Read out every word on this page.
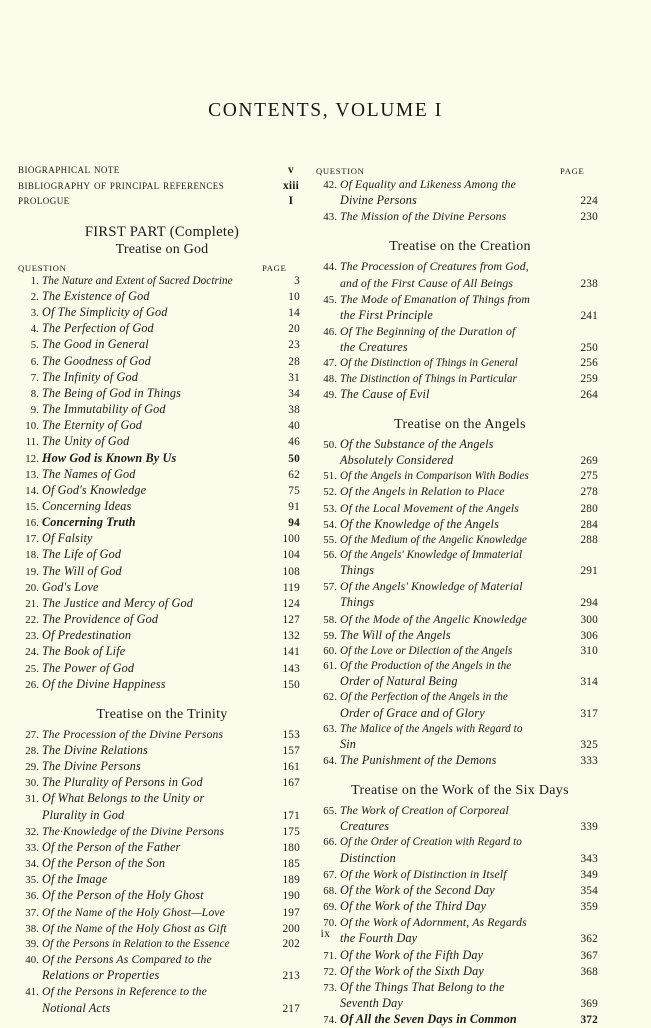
CONTENTS, VOLUME I
biographical note	v
bibliography of principal references	xiii
prologue	I
FIRST PART (Complete)
Treatise on God
QUESTION	PAGE
1. The Nature and Extent of Sacred Doctrine	3
2. The Existence of God	10
3. Of The Simplicity of God	14
4. The Perfection of God	20
5. The Good in General	23
6. The Goodness of God	28
7. The Infinity of God	31
8. The Being of God in Things	34
9. The Immutability of God	38
10. The Eternity of God	40
11. The Unity of God	46
12. How God is Known By Us	50
13. The Names of God	62
14. Of God's Knowledge	75
15. Concerning Ideas	91
16. Concerning Truth	94
17. Of Falsity	100
18. The Life of God	104
19. The Will of God	108
20. God's Love	119
21. The Justice and Mercy of God	124
22. The Providence of God	127
23. Of Predestination	132
24. The Book of Life	141
25. The Power of God	143
26. Of the Divine Happiness	150
Treatise on the Trinity
27. The Procession of the Divine Persons	153
28. The Divine Relations	157
29. The Divine Persons	161
30. The Plurality of Persons in God	167
31. Of What Belongs to the Unity or
Plurality in God	171
32. The·Knowledge of the Divine Persons	175
33. Of the Person of the Father	180
34. Of the Person of the Son	185
35. Of the Image	189
36. Of the Person of the Holy Ghost	190
37. Of the Name of the Holy Ghost—Love	197
38. Of the Name of the Holy Ghost as Gift	200
39. Of the Persons in Relation to the Essence	202
40. Of the Persons As Compared to the
Relations or Properties	213
41. Of the Persons in Reference to the
Notional Acts	217
QUESTION	PAGE
42. Of Equality and Likeness Among the
Divine Persons	224
43. The Mission of the Divine Persons	230
Treatise on the Creation
44. The Procession of Creatures from God,
and of the First Cause of All Beings	238
45. The Mode of Emanation of Things from
the First Principle	241
46. Of The Beginning of the Duration of
the Creatures	250
47. Of the Distinction of Things in General	256
48. The Distinction of Things in Particular	259
49. The Cause of Evil	264
Treatise on the Angels
50. Of the Substance of the Angels
Absolutely Considered	269
51. Of the Angels in Comparison With Bodies	275
52. Of the Angels in Relation to Place	278
53. Of the Local Movement of the Angels	280
54. Of the Knowledge of the Angels	284
55. Of the Medium of the Angelic Knowledge	288
56. Of the Angels' Knowledge of Immaterial
Things	291
57. Of the Angels' Knowledge of Material
Things	294
58. Of the Mode of the Angelic Knowledge	300
59. The Will of the Angels	306
60. Of the Love or Dilection of the Angels	310
61. Of the Production of the Angels in the
Order of Natural Being	314
62. Of the Perfection of the Angels in the
Order of Grace and of Glory	317
63. The Malice of the Angels with Regard to
Sin	325
64. The Punishment of the Demons	333
Treatise on the Work of the Six Days
65. The Work of Creation of Corporeal
Creatures	339
66. Of the Order of Creation with Regard to
Distinction	343
67. Of the Work of Distinction in Itself	349
68. Of the Work of the Second Day	354
69. Of the Work of the Third Day	359
70. Of the Work of Adornment, As Regards
the Fourth Day	362
71. Of the Work of the Fifth Day	367
72. Of the Work of the Sixth Day	368
73. Of the Things That Belong to the
Seventh Day	369
74. Of All the Seven Days in Common	372
ix
